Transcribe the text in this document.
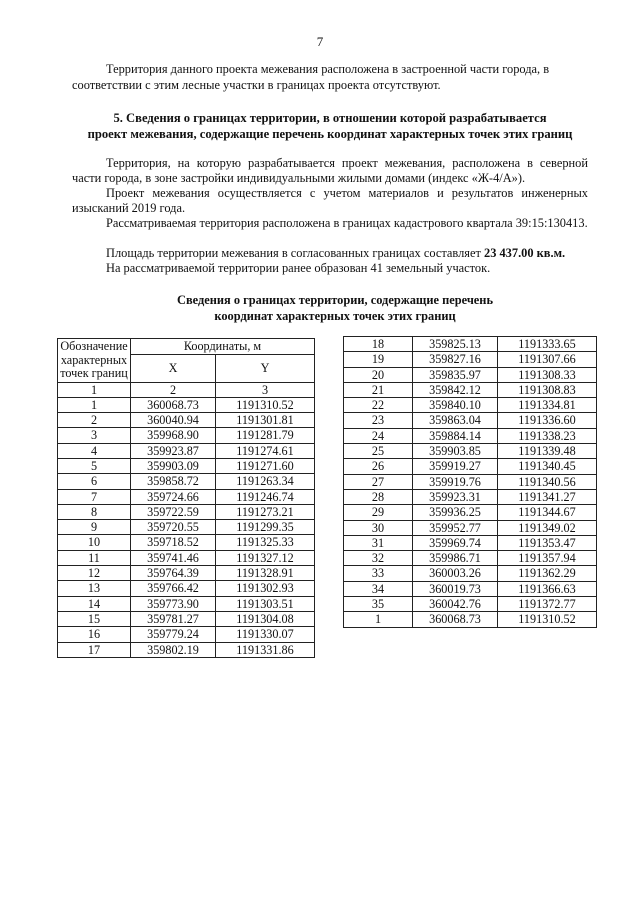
7
Территория данного проекта межевания расположена в застроенной части города, в
соответствии с этим лесные участки в границах проекта отсутствуют.
5. Сведения о границах территории, в отношении которой разрабатывается
проект межевания, содержащие перечень координат характерных точек этих границ
Территория, на которую разрабатывается проект межевания, расположена в северной части города, в зоне застройки индивидуальными жилыми домами (индекс «Ж-4/А»).
Проект межевания осуществляется с учетом материалов и результатов инженерных изысканий 2019 года.
Рассматриваемая территория расположена в границах кадастрового квартала 39:15:130413.
Площадь территории межевания в согласованных границах составляет 23 437.00 кв.м.
На рассматриваемой территории ранее образован 41 земельный участок.
Сведения о границах территории, содержащие перечень
координат характерных точек этих границ
Обозначение характерных точек границ	Координаты, м	
	X	Y
1	2	3
1	360068.73	1191310.52
2	360040.94	1191301.81
3	359968.90	1191281.79
4	359923.87	1191274.61
5	359903.09	1191271.60
6	359858.72	1191263.34
7	359724.66	1191246.74
8	359722.59	1191273.21
9	359720.55	1191299.35
10	359718.52	1191325.33
11	359741.46	1191327.12
12	359764.39	1191328.91
13	359766.42	1191302.93
14	359773.90	1191303.51
15	359781.27	1191304.08
16	359779.24	1191330.07
17	359802.19	1191331.86
18	359825.13	1191333.65
19	359827.16	1191307.66
20	359835.97	1191308.33
21	359842.12	1191308.83
22	359840.10	1191334.81
23	359863.04	1191336.60
24	359884.14	1191338.23
25	359903.85	1191339.48
26	359919.27	1191340.45
27	359919.76	1191340.56
28	359923.31	1191341.27
29	359936.25	1191344.67
30	359952.77	1191349.02
31	359969.74	1191353.47
32	359986.71	1191357.94
33	360003.26	1191362.29
34	360019.73	1191366.63
35	360042.76	1191372.77
1	360068.73	1191310.52
